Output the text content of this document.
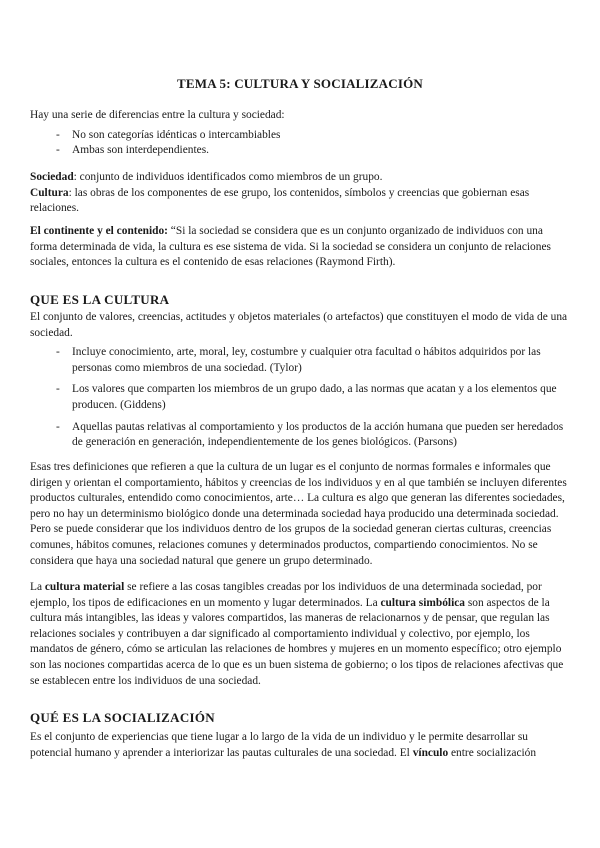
TEMA 5: CULTURA Y SOCIALIZACIÓN

Hay una serie de diferencias entre la cultura y sociedad:

- No son categorías idénticas o intercambiables
- Ambas son interdependientes.

Sociedad: conjunto de individuos identificados como miembros de un grupo.

Cultura: las obras de los componentes de ese grupo, los contenidos, símbolos y creencias que gobiernan esas relaciones.

El continente y el contenido: “Si la sociedad se considera que es un conjunto organizado de individuos con una forma determinada de vida, la cultura es ese sistema de vida. Si la sociedad se considera un conjunto de relaciones sociales, entonces la cultura es el contenido de esas relaciones (Raymond Firth).

QUE ES LA CULTURA

El conjunto de valores, creencias, actitudes y objetos materiales (o artefactos) que constituyen el modo de vida de una sociedad.

- Incluye conocimiento, arte, moral, ley, costumbre y cualquier otra facultad o hábitos adquiridos por las personas como miembros de una sociedad. (Tylor)
- Los valores que comparten los miembros de un grupo dado, a las normas que acatan y a los elementos que producen. (Giddens)
- Aquellas pautas relativas al comportamiento y los productos de la acción humana que pueden ser heredados de generación en generación, independientemente de los genes biológicos. (Parsons)

Esas tres definiciones que refieren a que la cultura de un lugar es el conjunto de normas formales e informales que dirigen y orientan el comportamiento, hábitos y creencias de los individuos y en al que también se incluyen diferentes productos culturales, entendido como conocimientos, arte… La cultura es algo que generan las diferentes sociedades, pero no hay un determinismo biológico donde una determinada sociedad haya producido una determinada sociedad. Pero se puede considerar que los individuos dentro de los grupos de la sociedad generan ciertas culturas, creencias comunes, hábitos comunes, relaciones comunes y determinados productos, compartiendo conocimientos. No se considera que haya una sociedad natural que genere un grupo determinado.

La cultura material se refiere a las cosas tangibles creadas por los individuos de una determinada sociedad, por ejemplo, los tipos de edificaciones en un momento y lugar determinados. La cultura simbólica son aspectos de la cultura más intangibles, las ideas y valores compartidos, las maneras de relacionarnos y de pensar, que regulan las relaciones sociales y contribuyen a dar significado al comportamiento individual y colectivo, por ejemplo, los mandatos de género, cómo se articulan las relaciones de hombres y mujeres en un momento específico; otro ejemplo son las nociones compartidas acerca de lo que es un buen sistema de gobierno; o los tipos de relaciones afectivas que se establecen entre los individuos de una sociedad.

QUÉ ES LA SOCIALIZACIÓN

Es el conjunto de experiencias que tiene lugar a lo largo de la vida de un individuo y le permite desarrollar su potencial humano y aprender a interiorizar las pautas culturales de una sociedad. El vínculo entre socialización
